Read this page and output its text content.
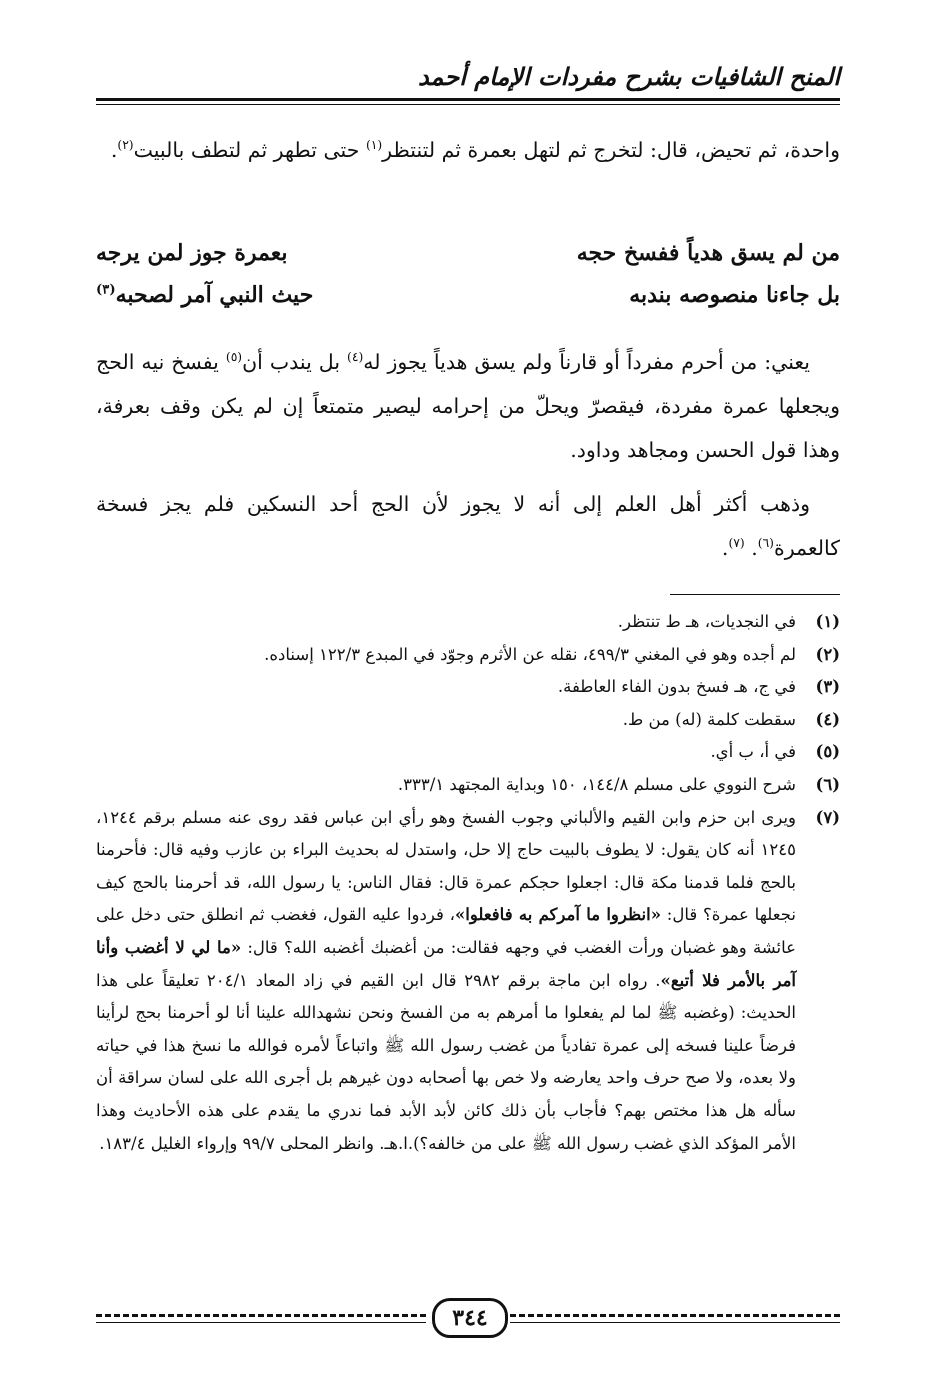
المنح الشافيات بشرح مفردات الإمام أحمد

واحدة، ثم تحيض، قال: لتخرج ثم لتهل بعمرة ثم لتنتظر$^{(١)}$ حتى تطهر ثم لتطف بالبيت$^{(٢)}$.

من لم يسق هدياً ففسخ حجه
بعمرة جوز لمن يرجه
بل جاءنا منصوصه بندبه
حيث النبي آمر لصحبه$^{(٣)}$

يعني: من أحرم مفرداً أو قارناً ولم يسق هدياً يجوز له$^{(٤)}$ بل يندب أن$^{(٥)}$ يفسخ نيه الحج ويجعلها عمرة مفردة، فيقصرّ ويحلّ من إحرامه ليصير متمتعاً إن لم يكن وقف بعرفة، وهذا قول الحسن ومجاهد وداود.

وذهب أكثر أهل العلم إلى أنه لا يجوز لأن الحج أحد النسكين فلم يجز فسخة كالعمرة$^{(٦)}$. $^{(٧)}$.

(١)
في النجديات، هـ ط تنتظر.
(٢)
لم أجده وهو في المغني ٤٩٩/٣، نقله عن الأثرم وجوّد في المبدع ١٢٢/٣ إسناده.
(٣)
في ج، هـ فسخ بدون الفاء العاطفة.
(٤)
سقطت كلمة (له) من ط.
(٥)
في أ، ب أي.
(٦)
شرح النووي على مسلم ١٤٤/٨، ١٥٠ وبداية المجتهد ٣٣٣/١.
(٧)
ويرى ابن حزم وابن القيم والألباني وجوب الفسخ وهو رأي ابن عباس فقد روى عنه مسلم برقم ١٢٤٤، ١٢٤٥ أنه كان يقول: لا يطوف بالبيت حاج إلا حل، واستدل له بحديث البراء بن عازب وفيه قال: فأحرمنا بالحج فلما قدمنا مكة قال: اجعلوا حجكم عمرة قال: فقال الناس: يا رسول الله، قد أحرمنا بالحج كيف نجعلها عمرة؟ قال: «انظروا ما آمركم به فافعلوا»، فردوا عليه القول، فغضب ثم انطلق حتى دخل على عائشة وهو غضبان ورأت الغضب في وجهه فقالت: من أغضبك أغضبه الله؟ قال: «ما لي لا أغضب وأنا آمر بالأمر فلا أتبع». رواه ابن ماجة برقم ٢٩٨٢ قال ابن القيم في زاد المعاد ٢٠٤/١ تعليقاً على هذا الحديث: (وغضبه ﷺ لما لم يفعلوا ما أمرهم به من الفسخ ونحن نشهدالله علينا أنا لو أحرمنا بحج لرأينا فرضاً علينا فسخه إلى عمرة تفادياً من غضب رسول الله ﷺ واتباعاً لأمره فوالله ما نسخ هذا في حياته ولا بعده، ولا صح حرف واحد يعارضه ولا خص بها أصحابه دون غيرهم بل أجرى الله على لسان سراقة أن سأله هل هذا مختص بهم؟ فأجاب بأن ذلك كائن لأبد الأبد فما ندري ما يقدم على هذه الأحاديث وهذا الأمر المؤكد الذي غضب رسول الله ﷺ على من خالفه؟).ا.هـ. وانظر المحلى ٩٩/٧ وإرواء الغليل ١٨٣/٤.
٣٤٤
